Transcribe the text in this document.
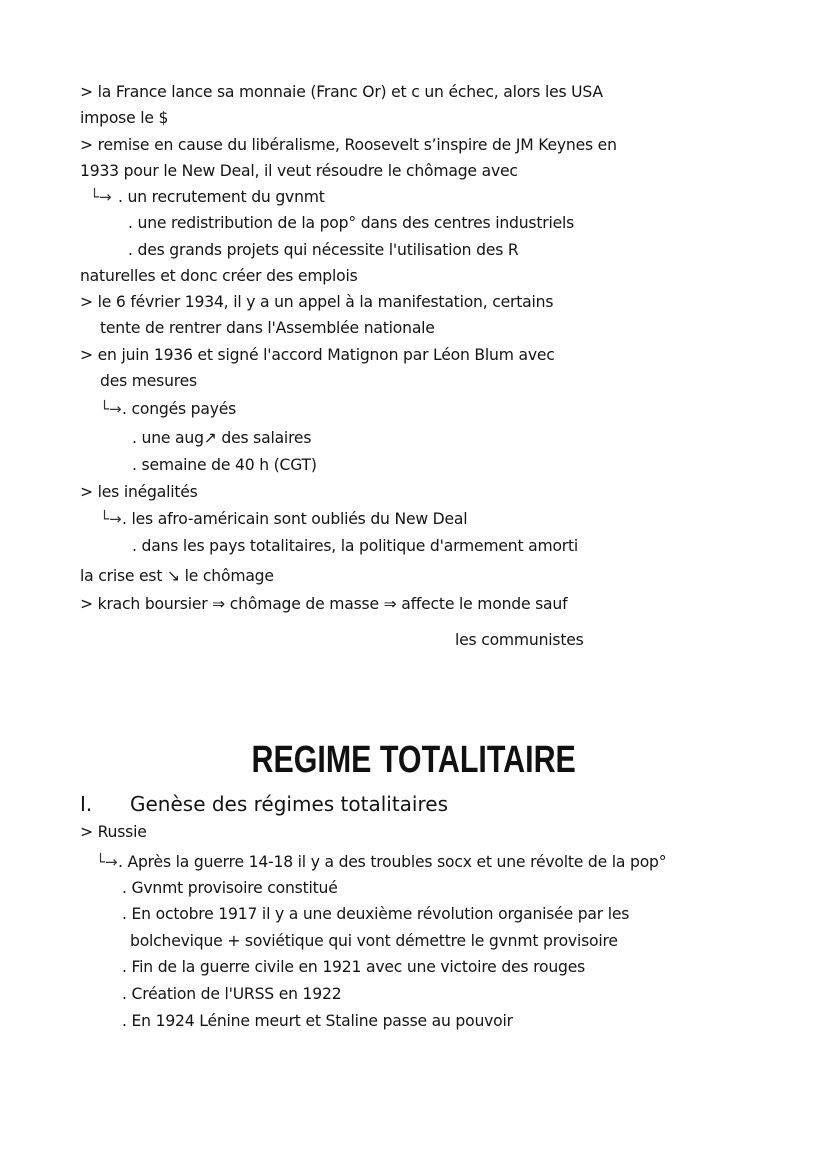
> la France lance sa monnaie (Franc Or) et c un échec, alors les USA
impose le $
> remise en cause du libéralisme, Roosevelt s’inspire de JM Keynes en
1933 pour le New Deal, il veut résoudre le chômage avec
└→ . un recrutement du gvnmt
. une redistribution de la pop° dans des centres industriels
. des grands projets qui nécessite l'utilisation des R
naturelles et donc créer des emplois
> le 6 février 1934, il y a un appel à la manifestation, certains
tente de rentrer dans l'Assemblée nationale
> en juin 1936 et signé l'accord Matignon par Léon Blum avec
des mesures
└→ . congés payés
. une aug↗ des salaires
. semaine de 40 h (CGT)
> les inégalités
└→ . les afro-américain sont oubliés du New Deal
. dans les pays totalitaires, la politique d'armement amorti
la crise est ↘ le chômage
> krach boursier ⇒ chômage de masse ⇒ affecte le monde sauf
les communistes
REGIME TOTALITAIRE
I. Genèse des régimes totalitaires
> Russie
└→ . Après la guerre 14-18 il y a des troubles socx et une révolte de la pop°
. Gvnmt provisoire constitué
. En octobre 1917 il y a une deuxième révolution organisée par les
bolchevique + soviétique qui vont démettre le gvnmt provisoire
. Fin de la guerre civile en 1921 avec une victoire des rouges
. Création de l'URSS en 1922
. En 1924 Lénine meurt et Staline passe au pouvoir
